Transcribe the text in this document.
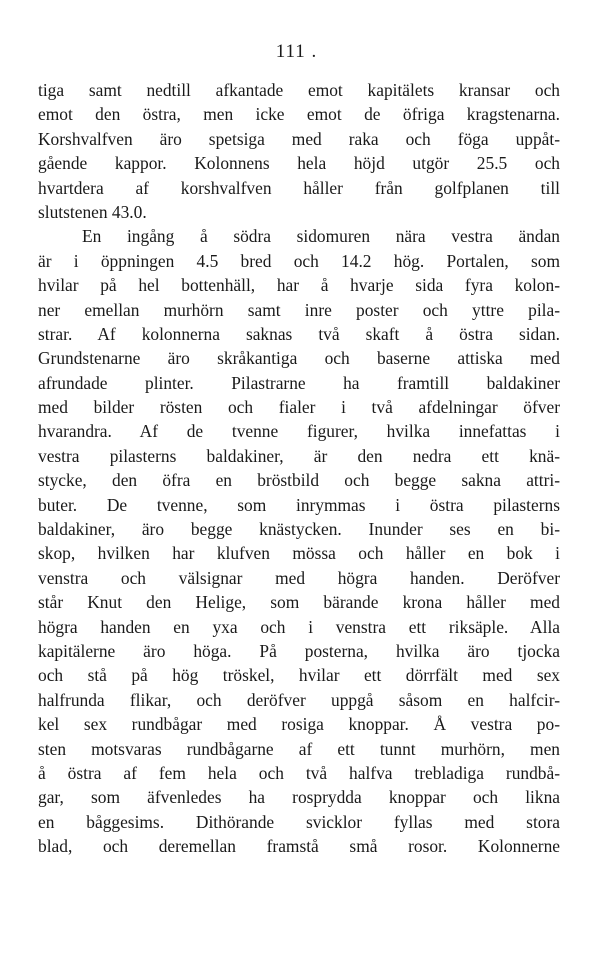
111 .
tiga samt nedtill afkantade emot kapitälets kransar och
emot den östra, men icke emot de öfriga kragstenarna.
Korshvalfven äro spetsiga med raka och föga uppåt-
gående kappor. Kolonnens hela höjd utgör 25.5 och
hvartdera af korshvalfven håller från golfplanen till
slutstenen 43.0.
En ingång å södra sidomuren nära vestra ändan
är i öppningen 4.5 bred och 14.2 hög. Portalen, som
hvilar på hel bottenhäll, har å hvarje sida fyra kolon-
ner emellan murhörn samt inre poster och yttre pila-
strar. Af kolonnerna saknas två skaft å östra sidan.
Grundstenarne äro skråkantiga och baserne attiska med
afrundade plinter. Pilastrarne ha framtill baldakiner
med bilder rösten och fialer i två afdelningar öfver
hvarandra. Af de tvenne figurer, hvilka innefattas i
vestra pilasterns baldakiner, är den nedra ett knä-
stycke, den öfra en bröstbild och begge sakna attri-
buter. De tvenne, som inrymmas i östra pilasterns
baldakiner, äro begge knästycken. Inunder ses en bi-
skop, hvilken har klufven mössa och håller en bok i
venstra och välsignar med högra handen. Deröfver
står Knut den Helige, som bärande krona håller med
högra handen en yxa och i venstra ett riksäple. Alla
kapitälerne äro höga. På posterna, hvilka äro tjocka
och stå på hög tröskel, hvilar ett dörrfält med sex
halfrunda flikar, och deröfver uppgå såsom en halfcir-
kel sex rundbågar med rosiga knoppar. Å vestra po-
sten motsvaras rundbågarne af ett tunnt murhörn, men
å östra af fem hela och två halfva trebladiga rundbå-
gar, som äfvenledes ha rosprydda knoppar och likna
en båggesims. Dithörande svicklor fyllas med stora
blad, och deremellan framstå små rosor. Kolonnerne
